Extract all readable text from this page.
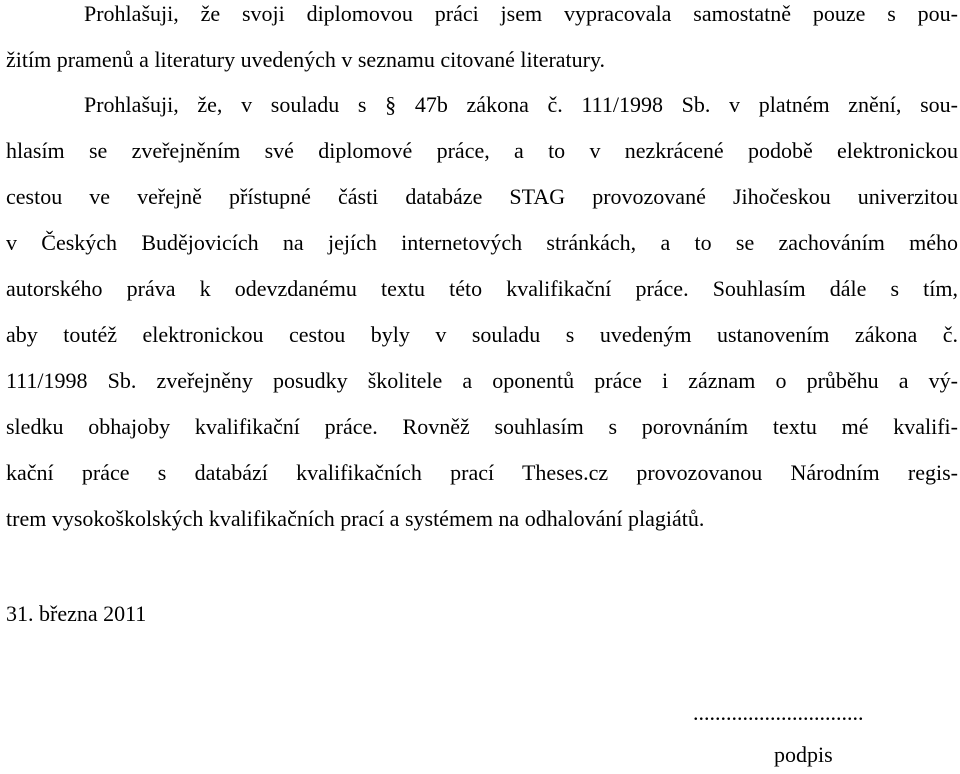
Prohlašuji, že svoji diplomovou práci jsem vypracovala samostatně pouze s pou-
žitím pramenů a literatury uvedených v seznamu citované literatury.
Prohlašuji, že, v souladu s § 47b zákona č. 111/1998 Sb. v platném znění, sou-
hlasím se zveřejněním své diplomové práce, a to v nezkrácené podobě elektronickou
cestou ve veřejně přístupné části databáze STAG provozované Jihočeskou univerzitou
v Českých Budějovicích na jejích internetových stránkách, a to se zachováním mého
autorského práva k odevzdanému textu této kvalifikační práce. Souhlasím dále s tím,
aby toutéž elektronickou cestou byly v souladu s uvedeným ustanovením zákona č.
111/1998 Sb. zveřejněny posudky školitele a oponentů práce i záznam o průběhu a vý-
sledku obhajoby kvalifikační práce. Rovněž souhlasím s porovnáním textu mé kvalifi-
kační práce s databází kvalifikačních prací Theses.cz provozovanou Národním regis-
trem vysokoškolských kvalifikačních prací a systémem na odhalování plagiátů.
31. března 2011
...............................
podpis
